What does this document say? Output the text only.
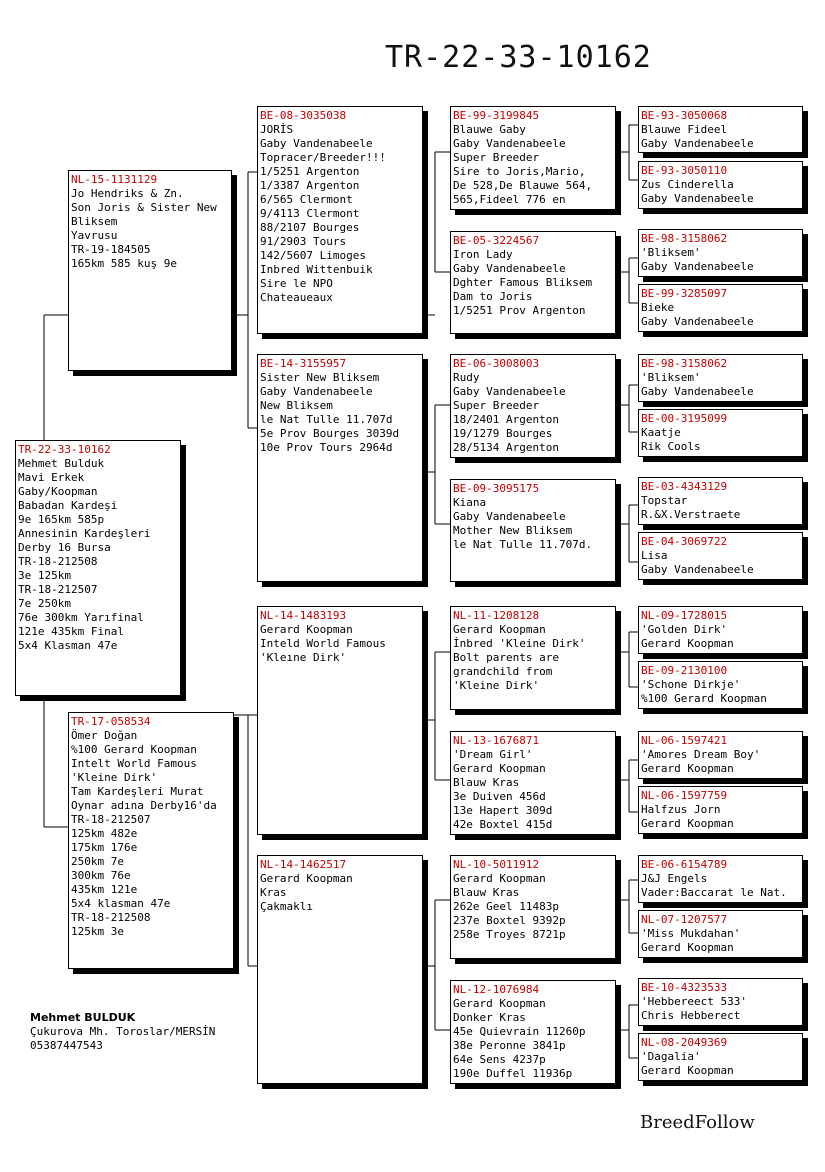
TR-22-33-10162
TR-22-33-10162
Mehmet Bulduk
Mavi Erkek
Gaby/Koopman
Babadan Kardeşi
9e 165km 585p
Annesinin Kardeşleri
Derby 16 Bursa
TR-18-212508
3e 125km
TR-18-212507
7e 250km
76e 300km Yarıfinal
121e 435km Final
5x4 Klasman 47e
NL-15-1131129
Jo Hendriks & Zn.
Son Joris & Sister New
Bliksem
Yavrusu
TR-19-184505
165km 585 kuş 9e
TR-17-058534
Ömer Doğan
%100 Gerard Koopman
Intelt World Famous
'Kleine Dirk'
Tam Kardeşleri Murat
Oynar adına Derby16'da
TR-18-212507
125km 482e
175km 176e
250km 7e
300km 76e
435km 121e
5x4 klasman 47e
TR-18-212508
125km 3e
BE-08-3035038
JORİS
Gaby Vandenabeele
Topracer/Breeder!!!
1/5251 Argenton
1/3387 Argenton
6/565 Clermont
9/4113 Clermont
88/2107 Bourges
91/2903 Tours
142/5607 Limoges
Inbred Wittenbuik
Sire le NPO
Chateaueaux
BE-14-3155957
Sister New Bliksem
Gaby Vandenabeele
New Bliksem
le Nat Tulle 11.707d
5e Prov Bourges 3039d
10e Prov Tours 2964d
NL-14-1483193
Gerard Koopman
Inteld World Famous
'Kleıne Dirk'
NL-14-1462517
Gerard Koopman
Kras
Çakmaklı
BE-99-3199845
Blauwe Gaby
Gaby Vandenabeele
Super Breeder
Sire to Joris,Mario,
De 528,De Blauwe 564,
565,Fideel 776 en
BE-05-3224567
Iron Lady
Gaby Vandenabeele
Dghter Famous Bliksem
Dam to Joris
1/5251 Prov Argenton
BE-06-3008003
Rudy
Gaby Vandenabeele
Super Breeder
18/2401 Argenton
19/1279 Bourges
28/5134 Argenton
BE-09-3095175
Kiana
Gaby Vandenabeele
Mother New Bliksem
le Nat Tulle 11.707d.
NL-11-1208128
Gerard Koopman
İnbred 'Kleine Dirk'
Bolt parents are
grandchild from
'Kleine Dirk'
NL-13-1676871
'Dream Girl'
Gerard Koopman
Blauw Kras
3e Duiven 456d
13e Hapert 309d
42e Boxtel 415d
NL-10-5011912
Gerard Koopman
Blauw Kras
262e Geel 11483p
237e Boxtel 9392p
258e Troyes 8721p
NL-12-1076984
Gerard Koopman
Donker Kras
45e Quievrain 11260p
38e Peronne 3841p
64e Sens 4237p
190e Duffel 11936p
BE-93-3050068
Blauwe Fideel
Gaby Vandenabeele
BE-93-3050110
Zus Cinderella
Gaby Vandenabeele
BE-98-3158062
'Bliksem'
Gaby Vandenabeele
BE-99-3285097
Bieke
Gaby Vandenabeele
BE-98-3158062
'Bliksem'
Gaby Vandenabeele
BE-00-3195099
Kaatje
Rik Cools
BE-03-4343129
Topstar
R.&X.Verstraete
BE-04-3069722
Lisa
Gaby Vandenabeele
NL-09-1728015
'Golden Dirk'
Gerard Koopman
BE-09-2130100
'Schone Dirkje'
%100 Gerard Koopman
NL-06-1597421
'Amores Dream Boy'
Gerard Koopman
NL-06-1597759
Halfzus Jorn
Gerard Koopman
BE-06-6154789
J&J Engels
Vader:Baccarat le Nat.
NL-07-1207577
'Miss Mukdahan'
Gerard Koopman
BE-10-4323533
'Hebbereect 533'
Chris Hebberect
NL-08-2049369
'Dagalia'
Gerard Koopman
Mehmet BULDUK
Çukurova Mh. Toroslar/MERSİN
05387447543
BreedFollow
